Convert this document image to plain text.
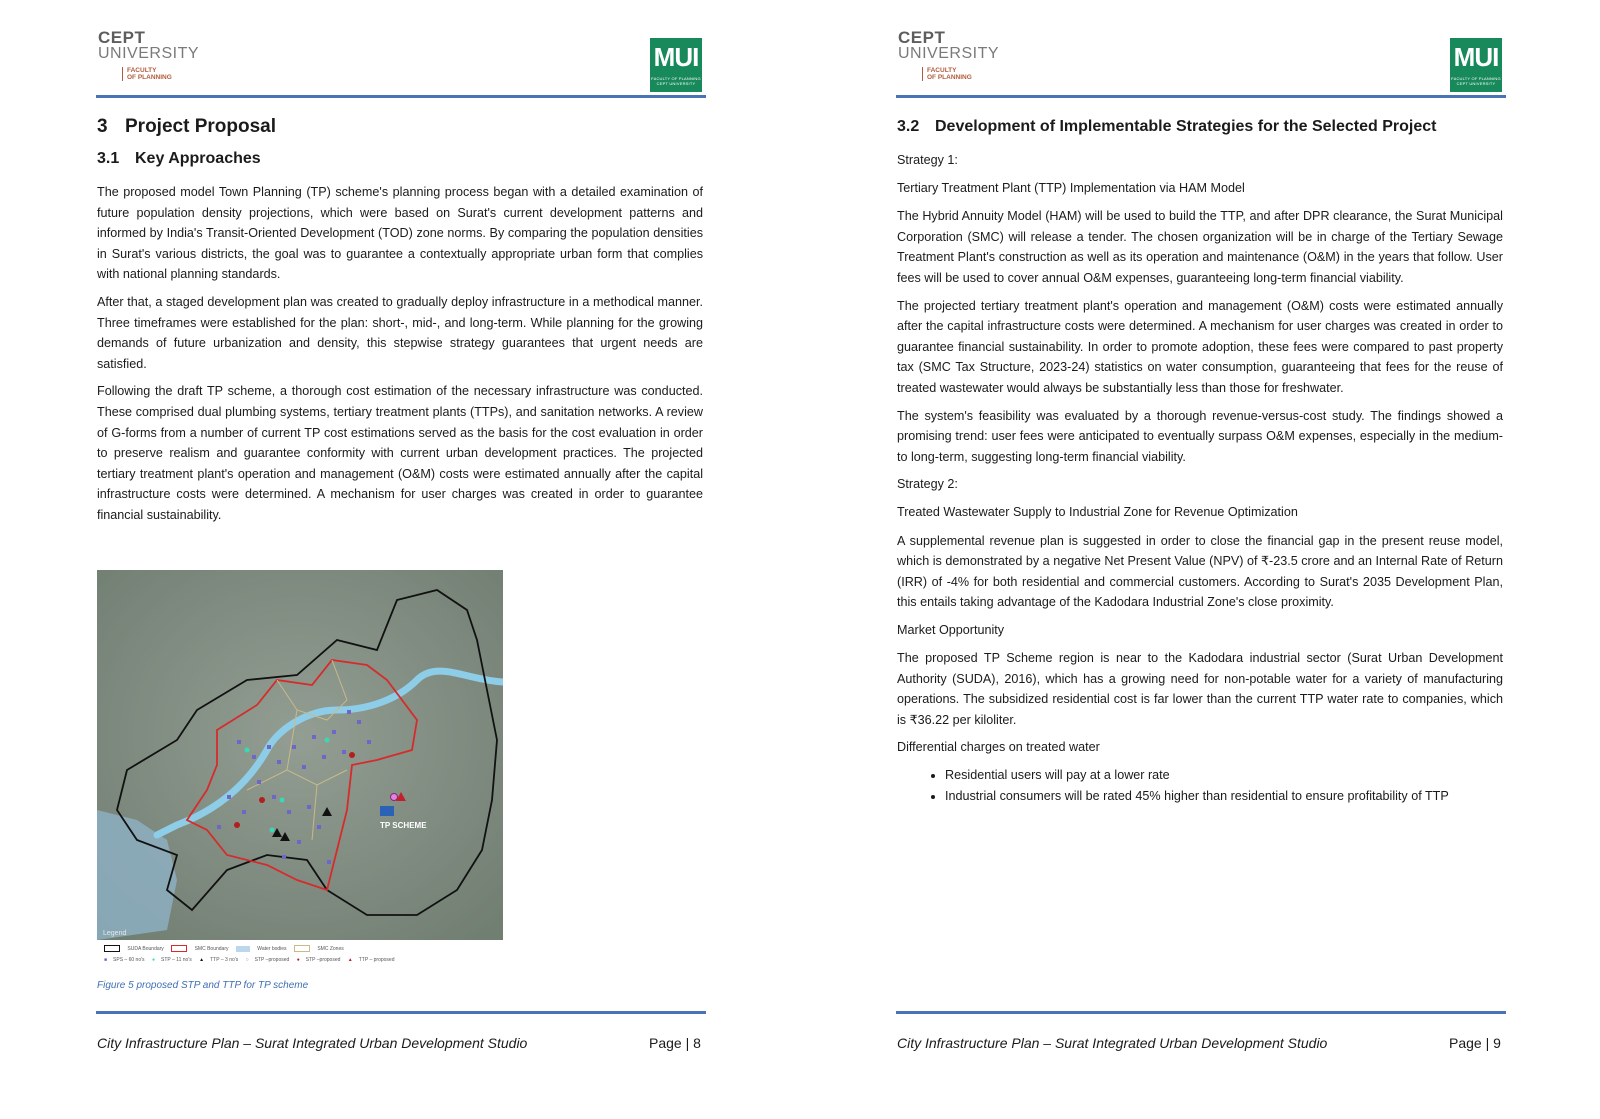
CEPT
UNIVERSITY
FACULTY
OF PLANNING
MUI
FACULTY OF PLANNING
CEPT UNIVERSITY
3 Project Proposal
3.1 Key Approaches

The proposed model Town Planning (TP) scheme's planning process began with a detailed examination of future population density projections, which were based on Surat's current development patterns and informed by India's Transit-Oriented Development (TOD) zone norms. By comparing the population densities in Surat's various districts, the goal was to guarantee a contextually appropriate urban form that complies with national planning standards.

After that, a staged development plan was created to gradually deploy infrastructure in a methodical manner. Three timeframes were established for the plan: short-, mid-, and long-term. While planning for the growing demands of future urbanization and density, this stepwise strategy guarantees that urgent needs are satisfied.

Following the draft TP scheme, a thorough cost estimation of the necessary infrastructure was conducted. These comprised dual plumbing systems, tertiary treatment plants (TTPs), and sanitation networks. A review of G-forms from a number of current TP cost estimations served as the basis for the cost evaluation in order to preserve realism and guarantee conformity with current urban development practices. The projected tertiary treatment plant's operation and management (O&M) costs were estimated annually after the capital infrastructure costs were determined. A mechanism for user charges was created in order to guarantee financial sustainability.

TP SCHEME
Legend
SUDA Boundary	SMC Boundary	Water bodies	SMC Zones
■ SPS – 60 no's ● STP – 11 no's ▲ TTP – 3 no's ○ STP –proposed ● STP –proposed ▲ TTP – proposed
Figure 5 proposed STP and TTP for TP scheme
City Infrastructure Plan – Surat Integrated Urban Development Studio	Page | 8
CEPT
UNIVERSITY
FACULTY
OF PLANNING
MUI
FACULTY OF PLANNING
CEPT UNIVERSITY
3.2 Development of Implementable Strategies for the Selected Project

Strategy 1:

Tertiary Treatment Plant (TTP) Implementation via HAM Model

The Hybrid Annuity Model (HAM) will be used to build the TTP, and after DPR clearance, the Surat Municipal Corporation (SMC) will release a tender. The chosen organization will be in charge of the Tertiary Sewage Treatment Plant's construction as well as its operation and maintenance (O&M) in the years that follow. User fees will be used to cover annual O&M expenses, guaranteeing long-term financial viability.

The projected tertiary treatment plant's operation and management (O&M) costs were estimated annually after the capital infrastructure costs were determined. A mechanism for user charges was created in order to guarantee financial sustainability. In order to promote adoption, these fees were compared to past property tax (SMC Tax Structure, 2023-24) statistics on water consumption, guaranteeing that fees for the reuse of treated wastewater would always be substantially less than those for freshwater.

The system's feasibility was evaluated by a thorough revenue-versus-cost study. The findings showed a promising trend: user fees were anticipated to eventually surpass O&M expenses, especially in the medium- to long-term, suggesting long-term financial viability.

Strategy 2:

Treated Wastewater Supply to Industrial Zone for Revenue Optimization

A supplemental revenue plan is suggested in order to close the financial gap in the present reuse model, which is demonstrated by a negative Net Present Value (NPV) of ₹-23.5 crore and an Internal Rate of Return (IRR) of -4% for both residential and commercial customers. According to Surat's 2035 Development Plan, this entails taking advantage of the Kadodara Industrial Zone's close proximity.

Market Opportunity

The proposed TP Scheme region is near to the Kadodara industrial sector (Surat Urban Development Authority (SUDA), 2016), which has a growing need for non-potable water for a variety of manufacturing operations. The subsidized residential cost is far lower than the current TTP water rate to companies, which is ₹36.22 per kiloliter.

Differential charges on treated water

• Residential users will pay at a lower rate
• Industrial consumers will be rated 45% higher than residential to ensure profitability of TTP
City Infrastructure Plan – Surat Integrated Urban Development Studio	Page | 9
